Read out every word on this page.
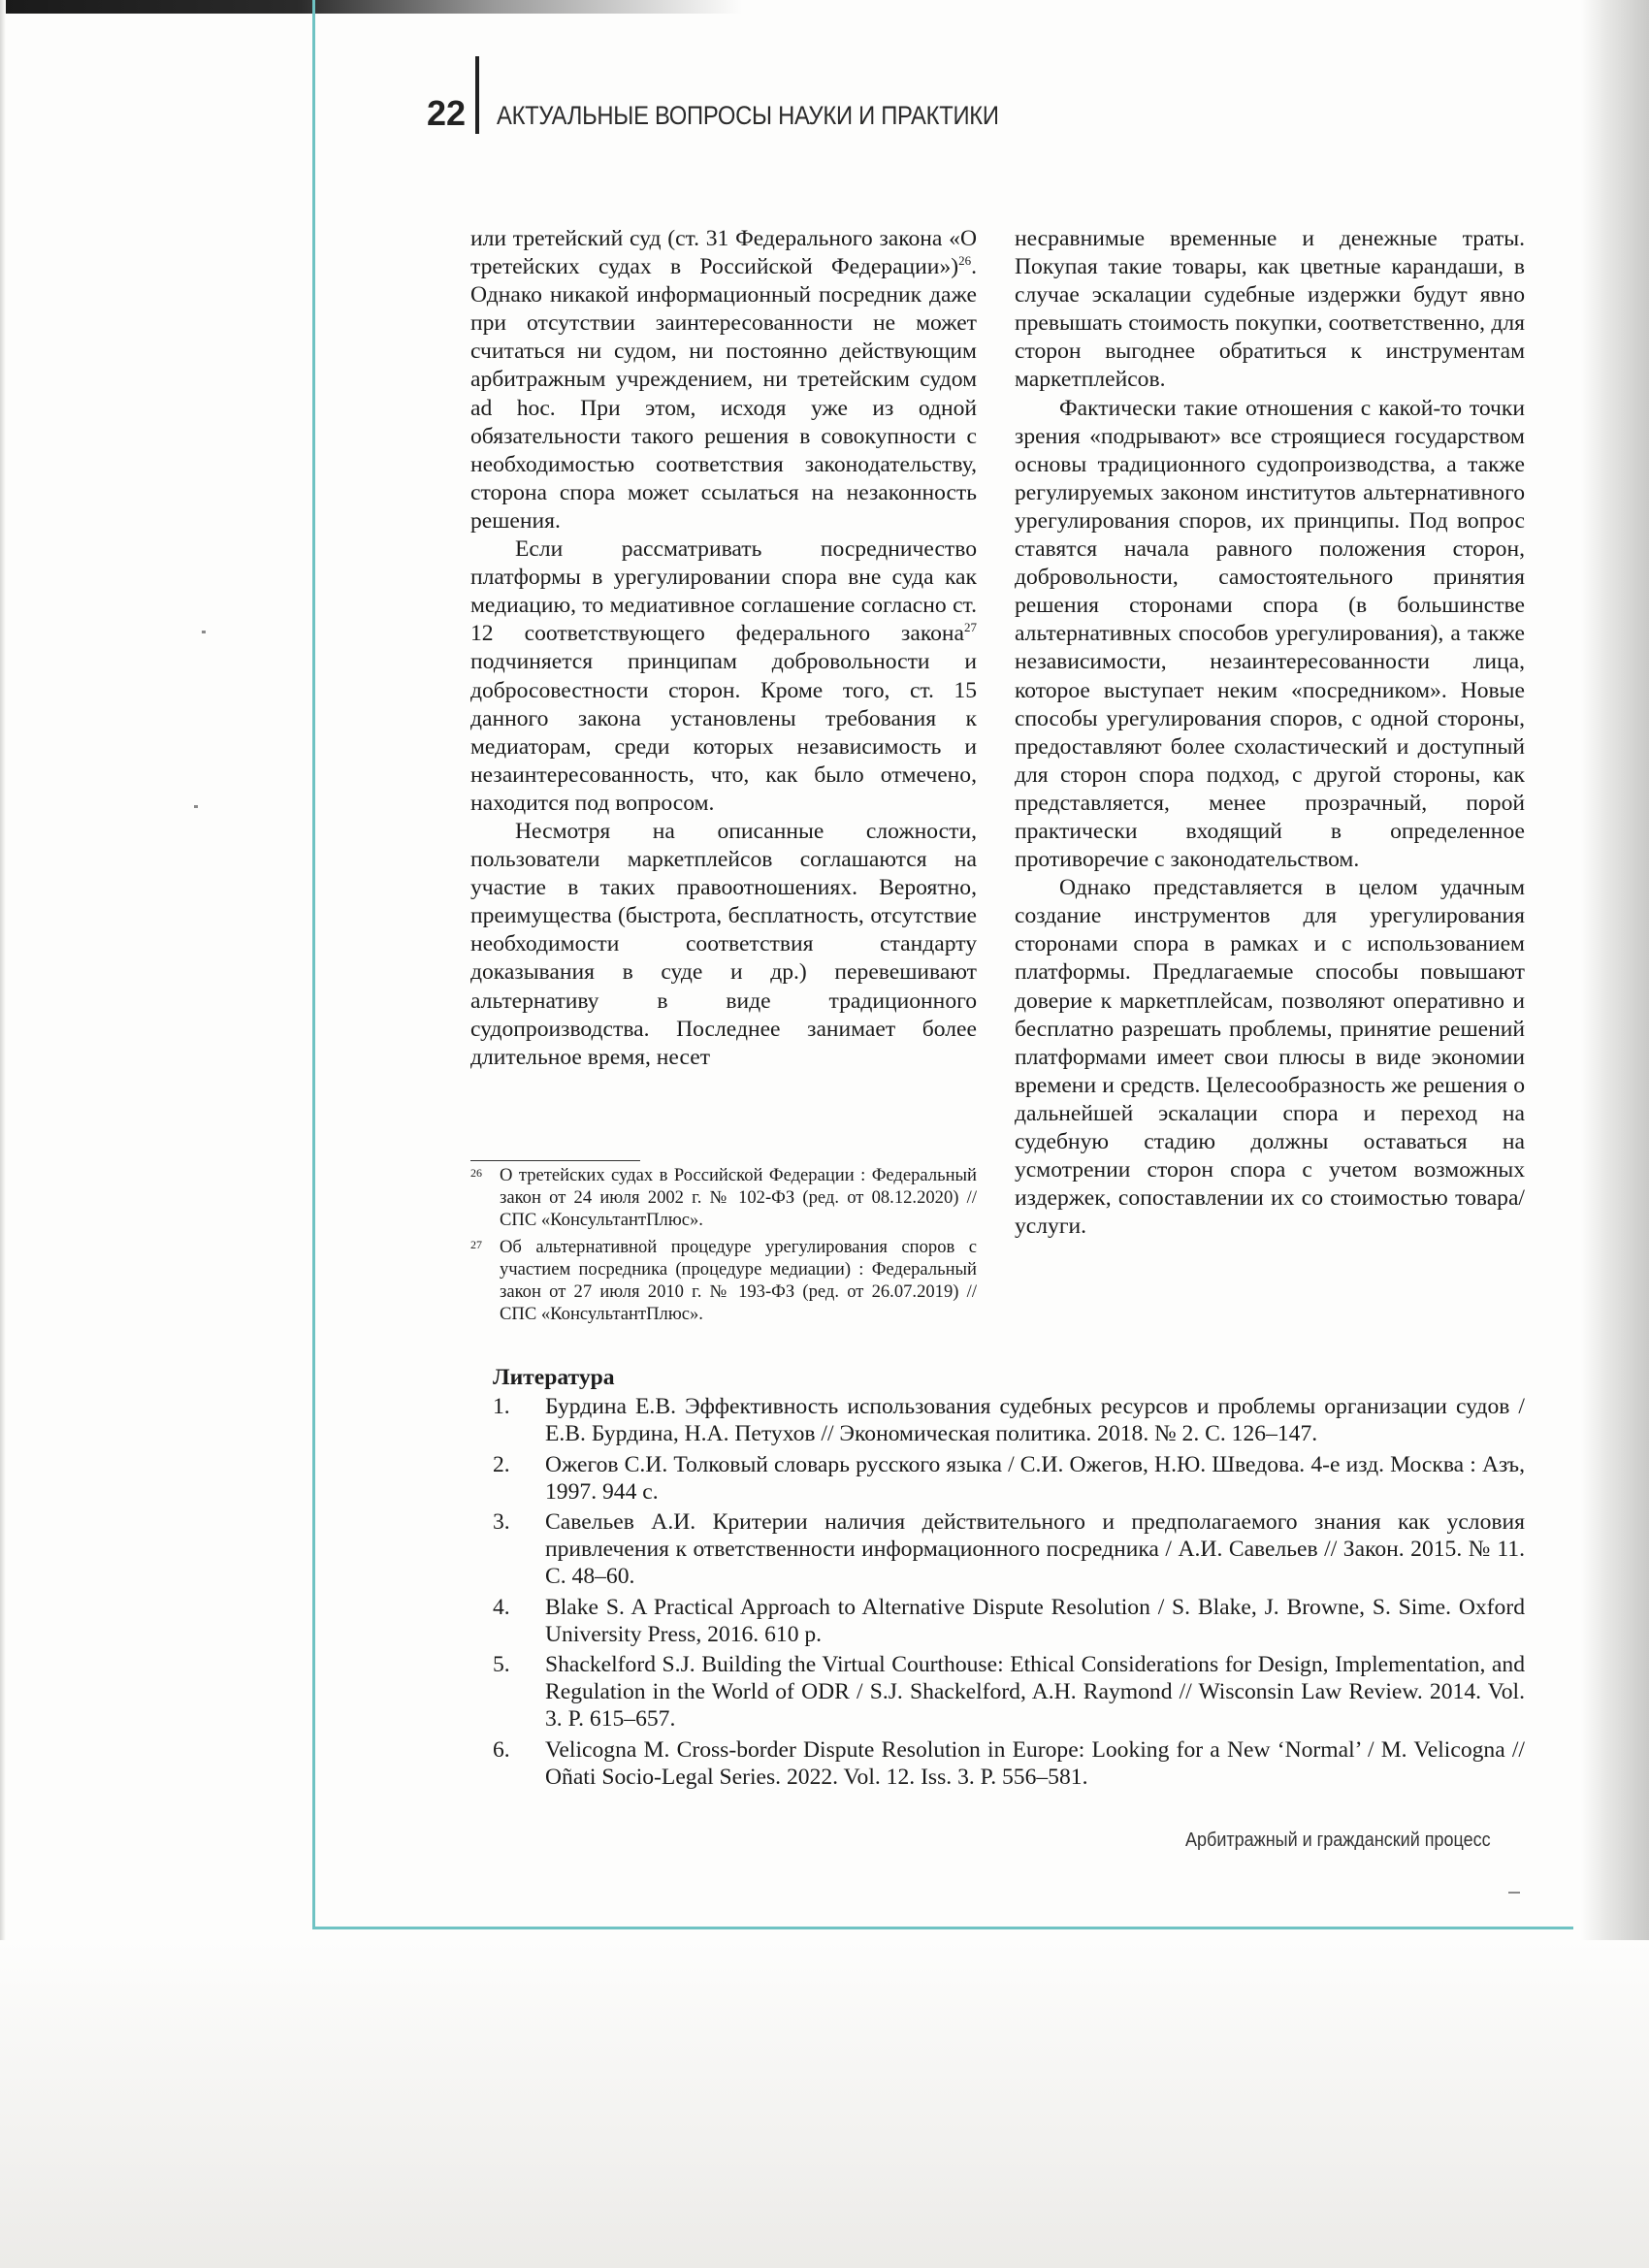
22 АКТУАЛЬНЫЕ ВОПРОСЫ НАУКИ И ПРАКТИКИ

или третейский суд (ст. 31 Федерального закона «О третейских судах в Российской Федерации»)$^{26}$. Однако никакой информационный посредник даже при отсутствии заинтересованности не может считаться ни судом, ни постоянно действующим арбитражным учреждением, ни третейским судом ad hoc. При этом, исходя уже из одной обязательности такого решения в совокупности с необходимостью соответствия законодательству, сторона спора может ссылаться на незаконность решения.

Если рассматривать посредничество платформы в урегулировании спора вне суда как медиацию, то медиативное соглашение согласно ст. 12 соответствующего федерального закона$^{27}$ подчиняется принципам добровольности и добросовестности сторон. Кроме того, ст. 15 данного закона установлены требования к медиаторам, среди которых независимость и незаинтересованность, что, как было отмечено, находится под вопросом.

Несмотря на описанные сложности, пользователи маркетплейсов соглашаются на участие в таких правоотношениях. Вероятно, преимущества (быстрота, бесплатность, отсутствие необходимости соответствия стандарту доказывания в суде и др.) перевешивают альтернативу в виде традиционного судопроизводства. Последнее занимает более длительное время, несет

несравнимые временные и денежные траты. Покупая такие товары, как цветные карандаши, в случае эскалации судебные издержки будут явно превышать стоимость покупки, соответственно, для сторон выгоднее обратиться к инструментам маркетплейсов.

Фактически такие отношения с какой-то точки зрения «подрывают» все строящиеся государством основы традиционного судопроизводства, а также регулируемых законом институтов альтернативного урегулирования споров, их принципы. Под вопрос ставятся начала равного положения сторон, добровольности, самостоятельного принятия решения сторонами спора (в большинстве альтернативных способов урегулирования), а также независимости, незаинтересованности лица, которое выступает неким «посредником». Новые способы урегулирования споров, с одной стороны, предоставляют более схоластический и доступный для сторон спора подход, с другой стороны, как представляется, менее прозрачный, порой практически входящий в определенное противоречие с законодательством.

Однако представляется в целом удачным создание инструментов для урегулирования сторонами спора в рамках и с использованием платформы. Предлагаемые способы повышают доверие к маркетплейсам, позволяют оперативно и бесплатно разрешать проблемы, принятие решений платформами имеет свои плюсы в виде экономии времени и средств. Целесообразность же решения о дальнейшей эскалации спора и переход на судебную стадию должны оставаться на усмотрении сторон спора с учетом возможных издержек, сопоставлении их со стоимостью товара/услуги.

26 О третейских судах в Российской Федерации : Федеральный закон от 24 июля 2002 г. № 102-ФЗ (ред. от 08.12.2020) // СПС «КонсультантПлюс».
27 Об альтернативной процедуре урегулирования споров с участием посредника (процедуре медиации) : Федеральный закон от 27 июля 2010 г. № 193-ФЗ (ред. от 26.07.2019) // СПС «КонсультантПлюс».
Литература
1. Бурдина Е.В. Эффективность использования судебных ресурсов и проблемы организации судов / Е.В. Бурдина, Н.А. Петухов // Экономическая политика. 2018. № 2. С. 126–147.
2. Ожегов С.И. Толковый словарь русского языка / С.И. Ожегов, Н.Ю. Шведова. 4-е изд. Москва : Азъ, 1997. 944 с.
3. Савельев А.И. Критерии наличия действительного и предполагаемого знания как условия привлечения к ответственности информационного посредника / А.И. Савельев // Закон. 2015. № 11. С. 48–60.
4. Blake S. A Practical Approach to Alternative Dispute Resolution / S. Blake, J. Browne, S. Sime. Oxford University Press, 2016. 610 p.
5. Shackelford S.J. Building the Virtual Courthouse: Ethical Considerations for Design, Implementation, and Regulation in the World of ODR / S.J. Shackelford, A.H. Raymond // Wisconsin Law Review. 2014. Vol. 3. P. 615–657.
6. Velicogna M. Cross-border Dispute Resolution in Europe: Looking for a New ‘Normal’ / M. Velicogna // Oñati Socio-Legal Series. 2022. Vol. 12. Iss. 3. P. 556–581.
Арбитражный и гражданский процесс
